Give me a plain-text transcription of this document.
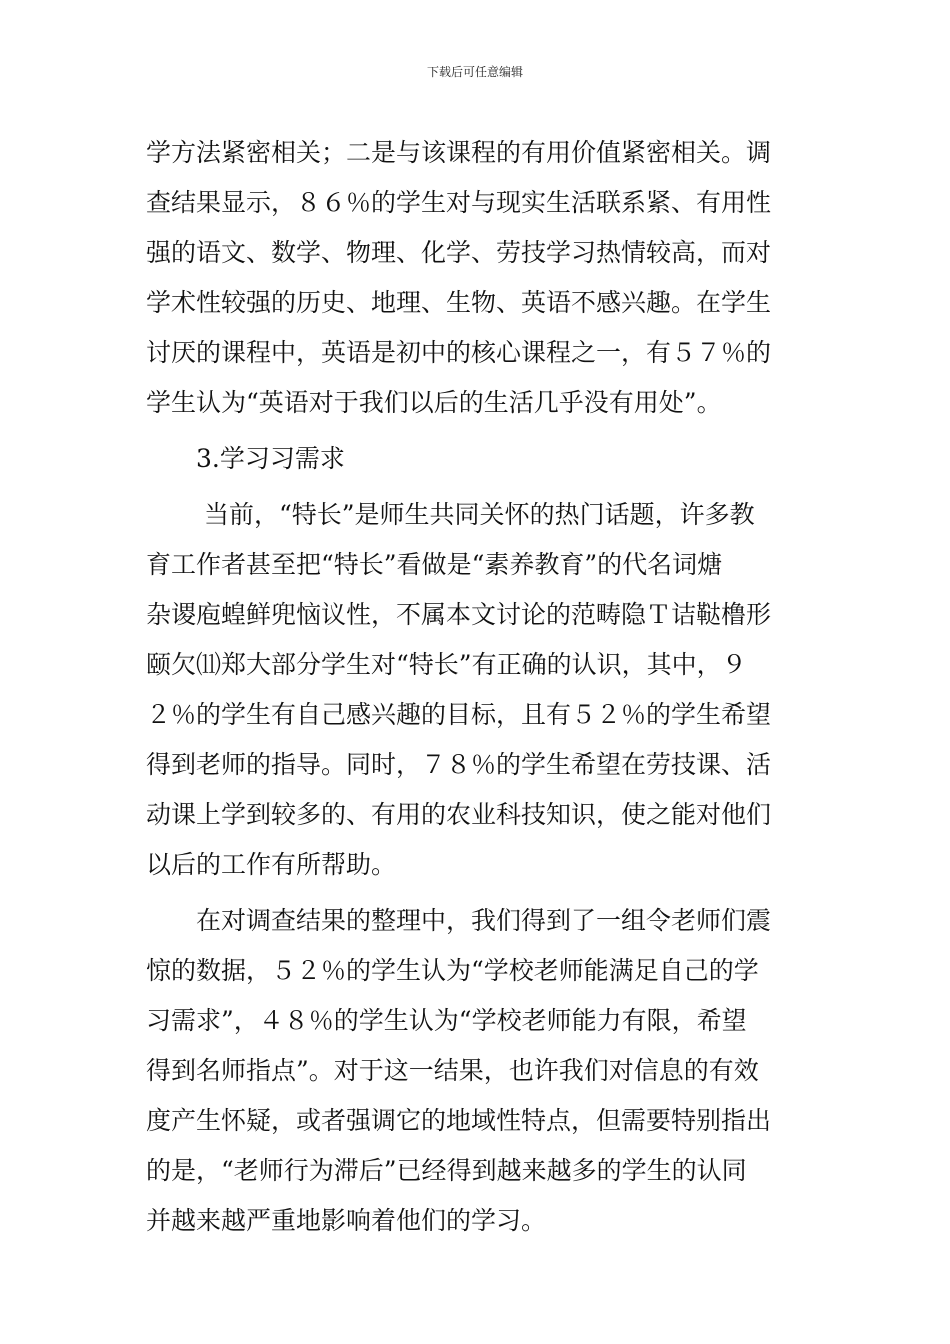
下载后可任意编辑
学方法紧密相关；二是与该课程的有用价值紧密相关。调
查结果显示，８６％的学生对与现实生活联系紧、有用性
强的语文、数学、物理、化学、劳技学习热情较高，而对
学术性较强的历史、地理、生物、英语不感兴趣。在学生
讨厌的课程中，英语是初中的核心课程之一，有５７％的
学生认为“英语对于我们以后的生活几乎没有用处”。
3.学习习需求
当前，“特长”是师生共同关怀的热门话题，许多教
育工作者甚至把“特长”看做是“素养教育”的代名词煻
杂谡庖蝗鲜兜恼议性，不属本文讨论的范畴隐Ｔ诘鞑橹形
颐欠⑾郑大部分学生对“特长”有正确的认识，其中，９
２％的学生有自己感兴趣的目标，且有５２％的学生希望
得到老师的指导。同时，７８％的学生希望在劳技课、活
动课上学到较多的、有用的农业科技知识，使之能对他们
以后的工作有所帮助。
在对调查结果的整理中，我们得到了一组令老师们震
惊的数据，５２％的学生认为“学校老师能满足自己的学
习需求”，４８％的学生认为“学校老师能力有限，希望
得到名师指点”。对于这一结果，也许我们对信息的有效
度产生怀疑，或者强调它的地域性特点，但需要特别指出
的是，“老师行为滞后”已经得到越来越多的学生的认同
并越来越严重地影响着他们的学习。
